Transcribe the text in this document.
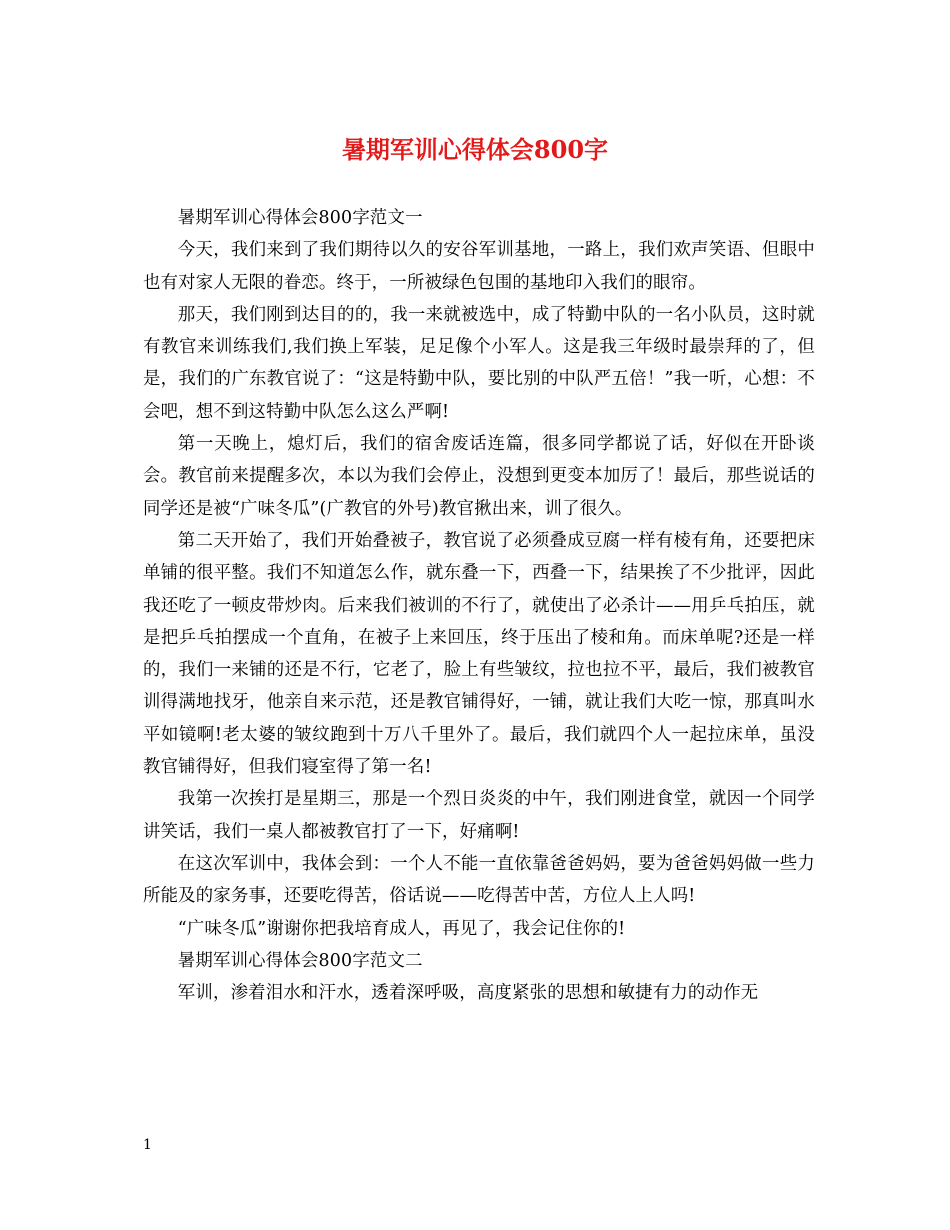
暑期军训心得体会800字

暑期军训心得体会800字范文一

今天，我们来到了我们期待以久的安谷军训基地，一路上，我们欢声笑语、但眼中也有对家人无限的眷恋。终于，一所被绿色包围的基地印入我们的眼帘。

那天，我们刚到达目的的，我一来就被选中，成了特勤中队的一名小队员，这时就有教官来训练我们,我们换上军装，足足像个小军人。这是我三年级时最崇拜的了，但是，我们的广东教官说了：“这是特勤中队，要比别的中队严五倍！”我一听，心想：不会吧，想不到这特勤中队怎么这么严啊!

第一天晚上，熄灯后，我们的宿舍废话连篇，很多同学都说了话，好似在开卧谈会。教官前来提醒多次，本以为我们会停止，没想到更变本加厉了！最后，那些说话的同学还是被“广味冬瓜”(广教官的外号)教官揪出来，训了很久。

第二天开始了，我们开始叠被子，教官说了必须叠成豆腐一样有棱有角，还要把床单铺的很平整。我们不知道怎么作，就东叠一下，西叠一下，结果挨了不少批评，因此我还吃了一顿皮带炒肉。后来我们被训的不行了，就使出了必杀计——用乒乓拍压，就是把乒乓拍摆成一个直角，在被子上来回压，终于压出了棱和角。而床单呢?还是一样的，我们一来铺的还是不行，它老了，脸上有些皱纹，拉也拉不平，最后，我们被教官训得满地找牙，他亲自来示范，还是教官铺得好，一铺，就让我们大吃一惊，那真叫水平如镜啊!老太婆的皱纹跑到十万八千里外了。最后，我们就四个人一起拉床单，虽没教官铺得好，但我们寝室得了第一名!

我第一次挨打是星期三，那是一个烈日炎炎的中午，我们刚进食堂，就因一个同学讲笑话，我们一桌人都被教官打了一下，好痛啊!

在这次军训中，我体会到：一个人不能一直依靠爸爸妈妈，要为爸爸妈妈做一些力所能及的家务事，还要吃得苦，俗话说——吃得苦中苦，方位人上人吗!

“广味冬瓜”谢谢你把我培育成人，再见了，我会记住你的!

暑期军训心得体会800字范文二

军训，渗着泪水和汗水，透着深呼吸，高度紧张的思想和敏捷有力的动作无

1
